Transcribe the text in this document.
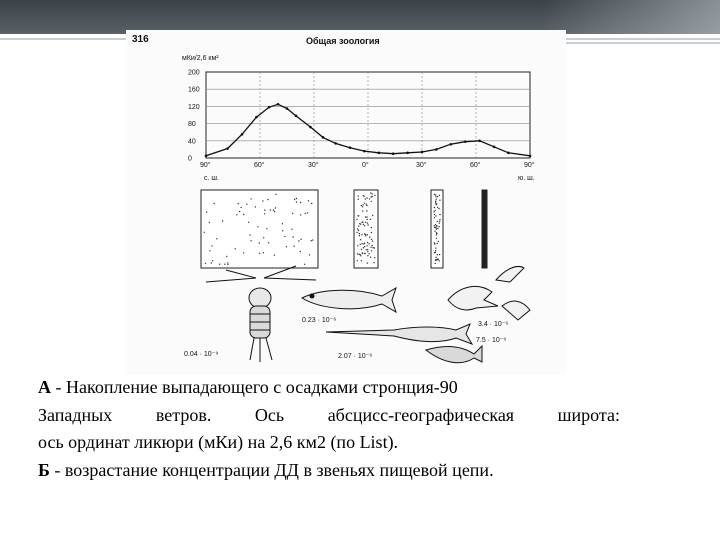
316	Общая зоология
мКи/2,6 км²
200
160
120
80
40
0
90°	60°	30°	0°	30°	60°	90°
с. ш.	ю. ш.
0.04 · 10⁻⁹
0.23 · 10⁻⁶
2.07 · 10⁻⁶
3.4 · 10⁻⁶
7.5 · 10⁻⁶
А - Накопление выпадающего с осадками стронция-90
Западных ветров. Ось абсцисс-географическая широта:
ось ординат ликюри (мКи) на 2,6 км2 (по List).
Б - возрастание концентрации ДД в звеньях пищевой цепи.
